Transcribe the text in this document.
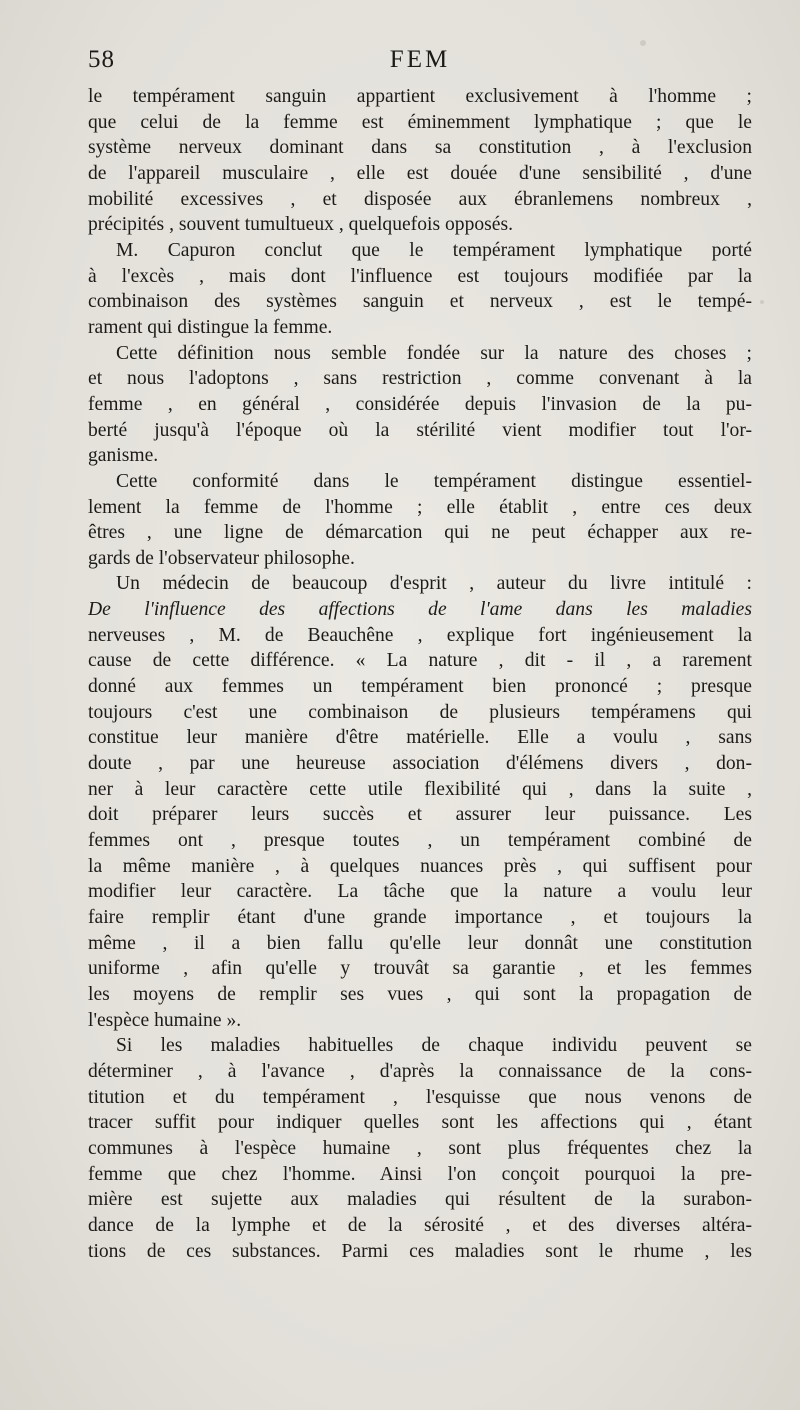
58	FEM
le tempérament sanguin appartient exclusivement à l'homme ;
que celui de la femme est éminemment lymphatique ; que le
système nerveux dominant dans sa constitution , à l'exclusion
de l'appareil musculaire , elle est douée d'une sensibilité , d'une
mobilité excessives , et disposée aux ébranlemens nombreux ,
précipités , souvent tumultueux , quelquefois opposés.
M. Capuron conclut que le tempérament lymphatique porté
à l'excès , mais dont l'influence est toujours modifiée par la
combinaison des systèmes sanguin et nerveux , est le tempé-
rament qui distingue la femme.
Cette définition nous semble fondée sur la nature des choses ;
et nous l'adoptons , sans restriction , comme convenant à la
femme , en général , considérée depuis l'invasion de la pu-
berté jusqu'à l'époque où la stérilité vient modifier tout l'or-
ganisme.
Cette conformité dans le tempérament distingue essentiel-
lement la femme de l'homme ; elle établit , entre ces deux
êtres , une ligne de démarcation qui ne peut échapper aux re-
gards de l'observateur philosophe.
Un médecin de beaucoup d'esprit , auteur du livre intitulé :
De l'influence des affections de l'ame dans les maladies
nerveuses , M. de Beauchêne , explique fort ingénieusement la
cause de cette différence. « La nature , dit - il , a rarement
donné aux femmes un tempérament bien prononcé ; presque
toujours c'est une combinaison de plusieurs tempéramens qui
constitue leur manière d'être matérielle. Elle a voulu , sans
doute , par une heureuse association d'élémens divers , don-
ner à leur caractère cette utile flexibilité qui , dans la suite ,
doit préparer leurs succès et assurer leur puissance. Les
femmes ont , presque toutes , un tempérament combiné de
la même manière , à quelques nuances près , qui suffisent pour
modifier leur caractère. La tâche que la nature a voulu leur
faire remplir étant d'une grande importance , et toujours la
même , il a bien fallu qu'elle leur donnât une constitution
uniforme , afin qu'elle y trouvât sa garantie , et les femmes
les moyens de remplir ses vues , qui sont la propagation de
l'espèce humaine ».
Si les maladies habituelles de chaque individu peuvent se
déterminer , à l'avance , d'après la connaissance de la cons-
titution et du tempérament , l'esquisse que nous venons de
tracer suffit pour indiquer quelles sont les affections qui , étant
communes à l'espèce humaine , sont plus fréquentes chez la
femme que chez l'homme. Ainsi l'on conçoit pourquoi la pre-
mière est sujette aux maladies qui résultent de la surabon-
dance de la lymphe et de la sérosité , et des diverses altéra-
tions de ces substances. Parmi ces maladies sont le rhume , les
